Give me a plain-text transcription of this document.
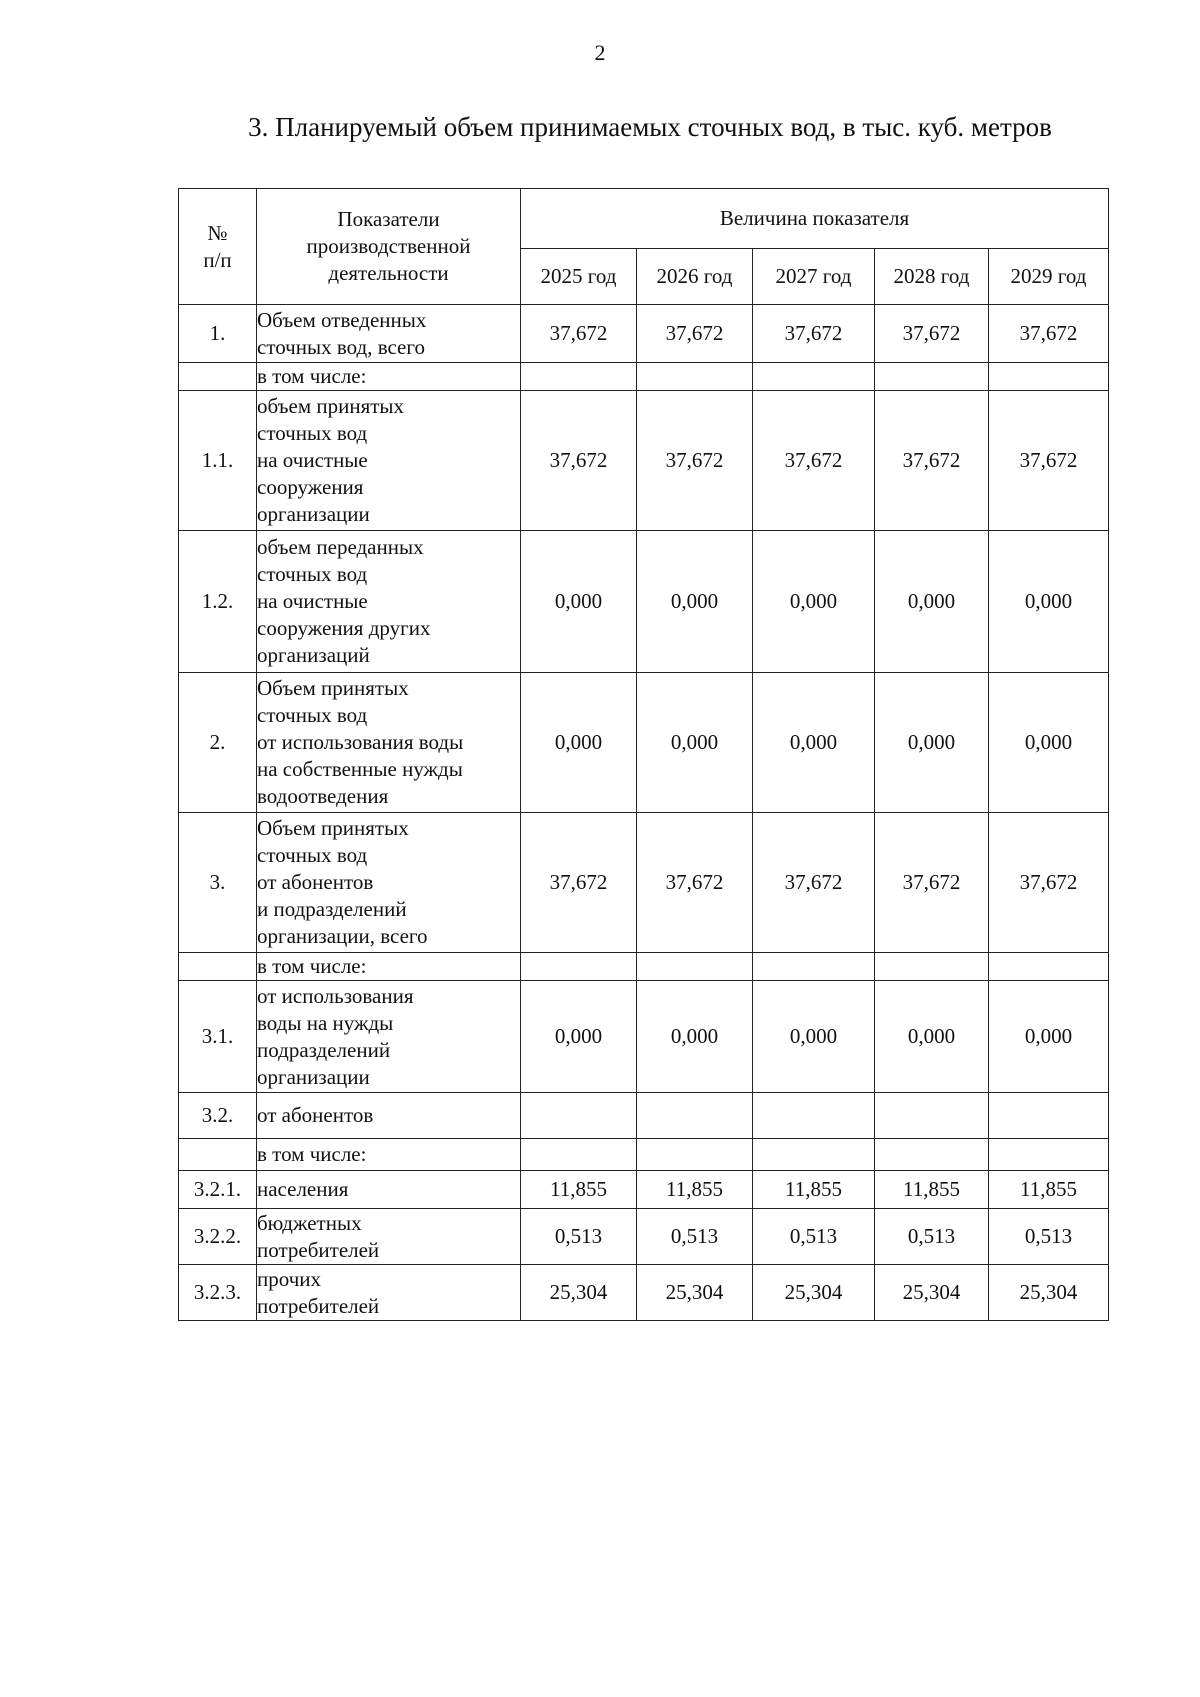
2
3. Планируемый объем принимаемых сточных вод, в тыс. куб. метров
№
п/п	Показатели
производственной
деятельности	Величина показателя				
		2025 год	2026 год	2027 год	2028 год	2029 год
1.	Объем отведенных
сточных вод, всего	37,672	37,672	37,672	37,672	37,672
	в том числе:					
1.1.	объем принятых
сточных вод
на очистные
сооружения
организации	37,672	37,672	37,672	37,672	37,672
1.2.	объем переданных
сточных вод
на очистные
сооружения других
организаций	0,000	0,000	0,000	0,000	0,000
2.	Объем принятых
сточных вод
от использования воды
на собственные нужды
водоотведения	0,000	0,000	0,000	0,000	0,000
3.	Объем принятых
сточных вод
от абонентов
и подразделений
организации, всего	37,672	37,672	37,672	37,672	37,672
	в том числе:					
3.1.	от использования
воды на нужды
подразделений
организации	0,000	0,000	0,000	0,000	0,000
3.2.	от абонентов					
	в том числе:					
3.2.1.	населения	11,855	11,855	11,855	11,855	11,855
3.2.2.	бюджетных
потребителей	0,513	0,513	0,513	0,513	0,513
3.2.3.	прочих
потребителей	25,304	25,304	25,304	25,304	25,304
